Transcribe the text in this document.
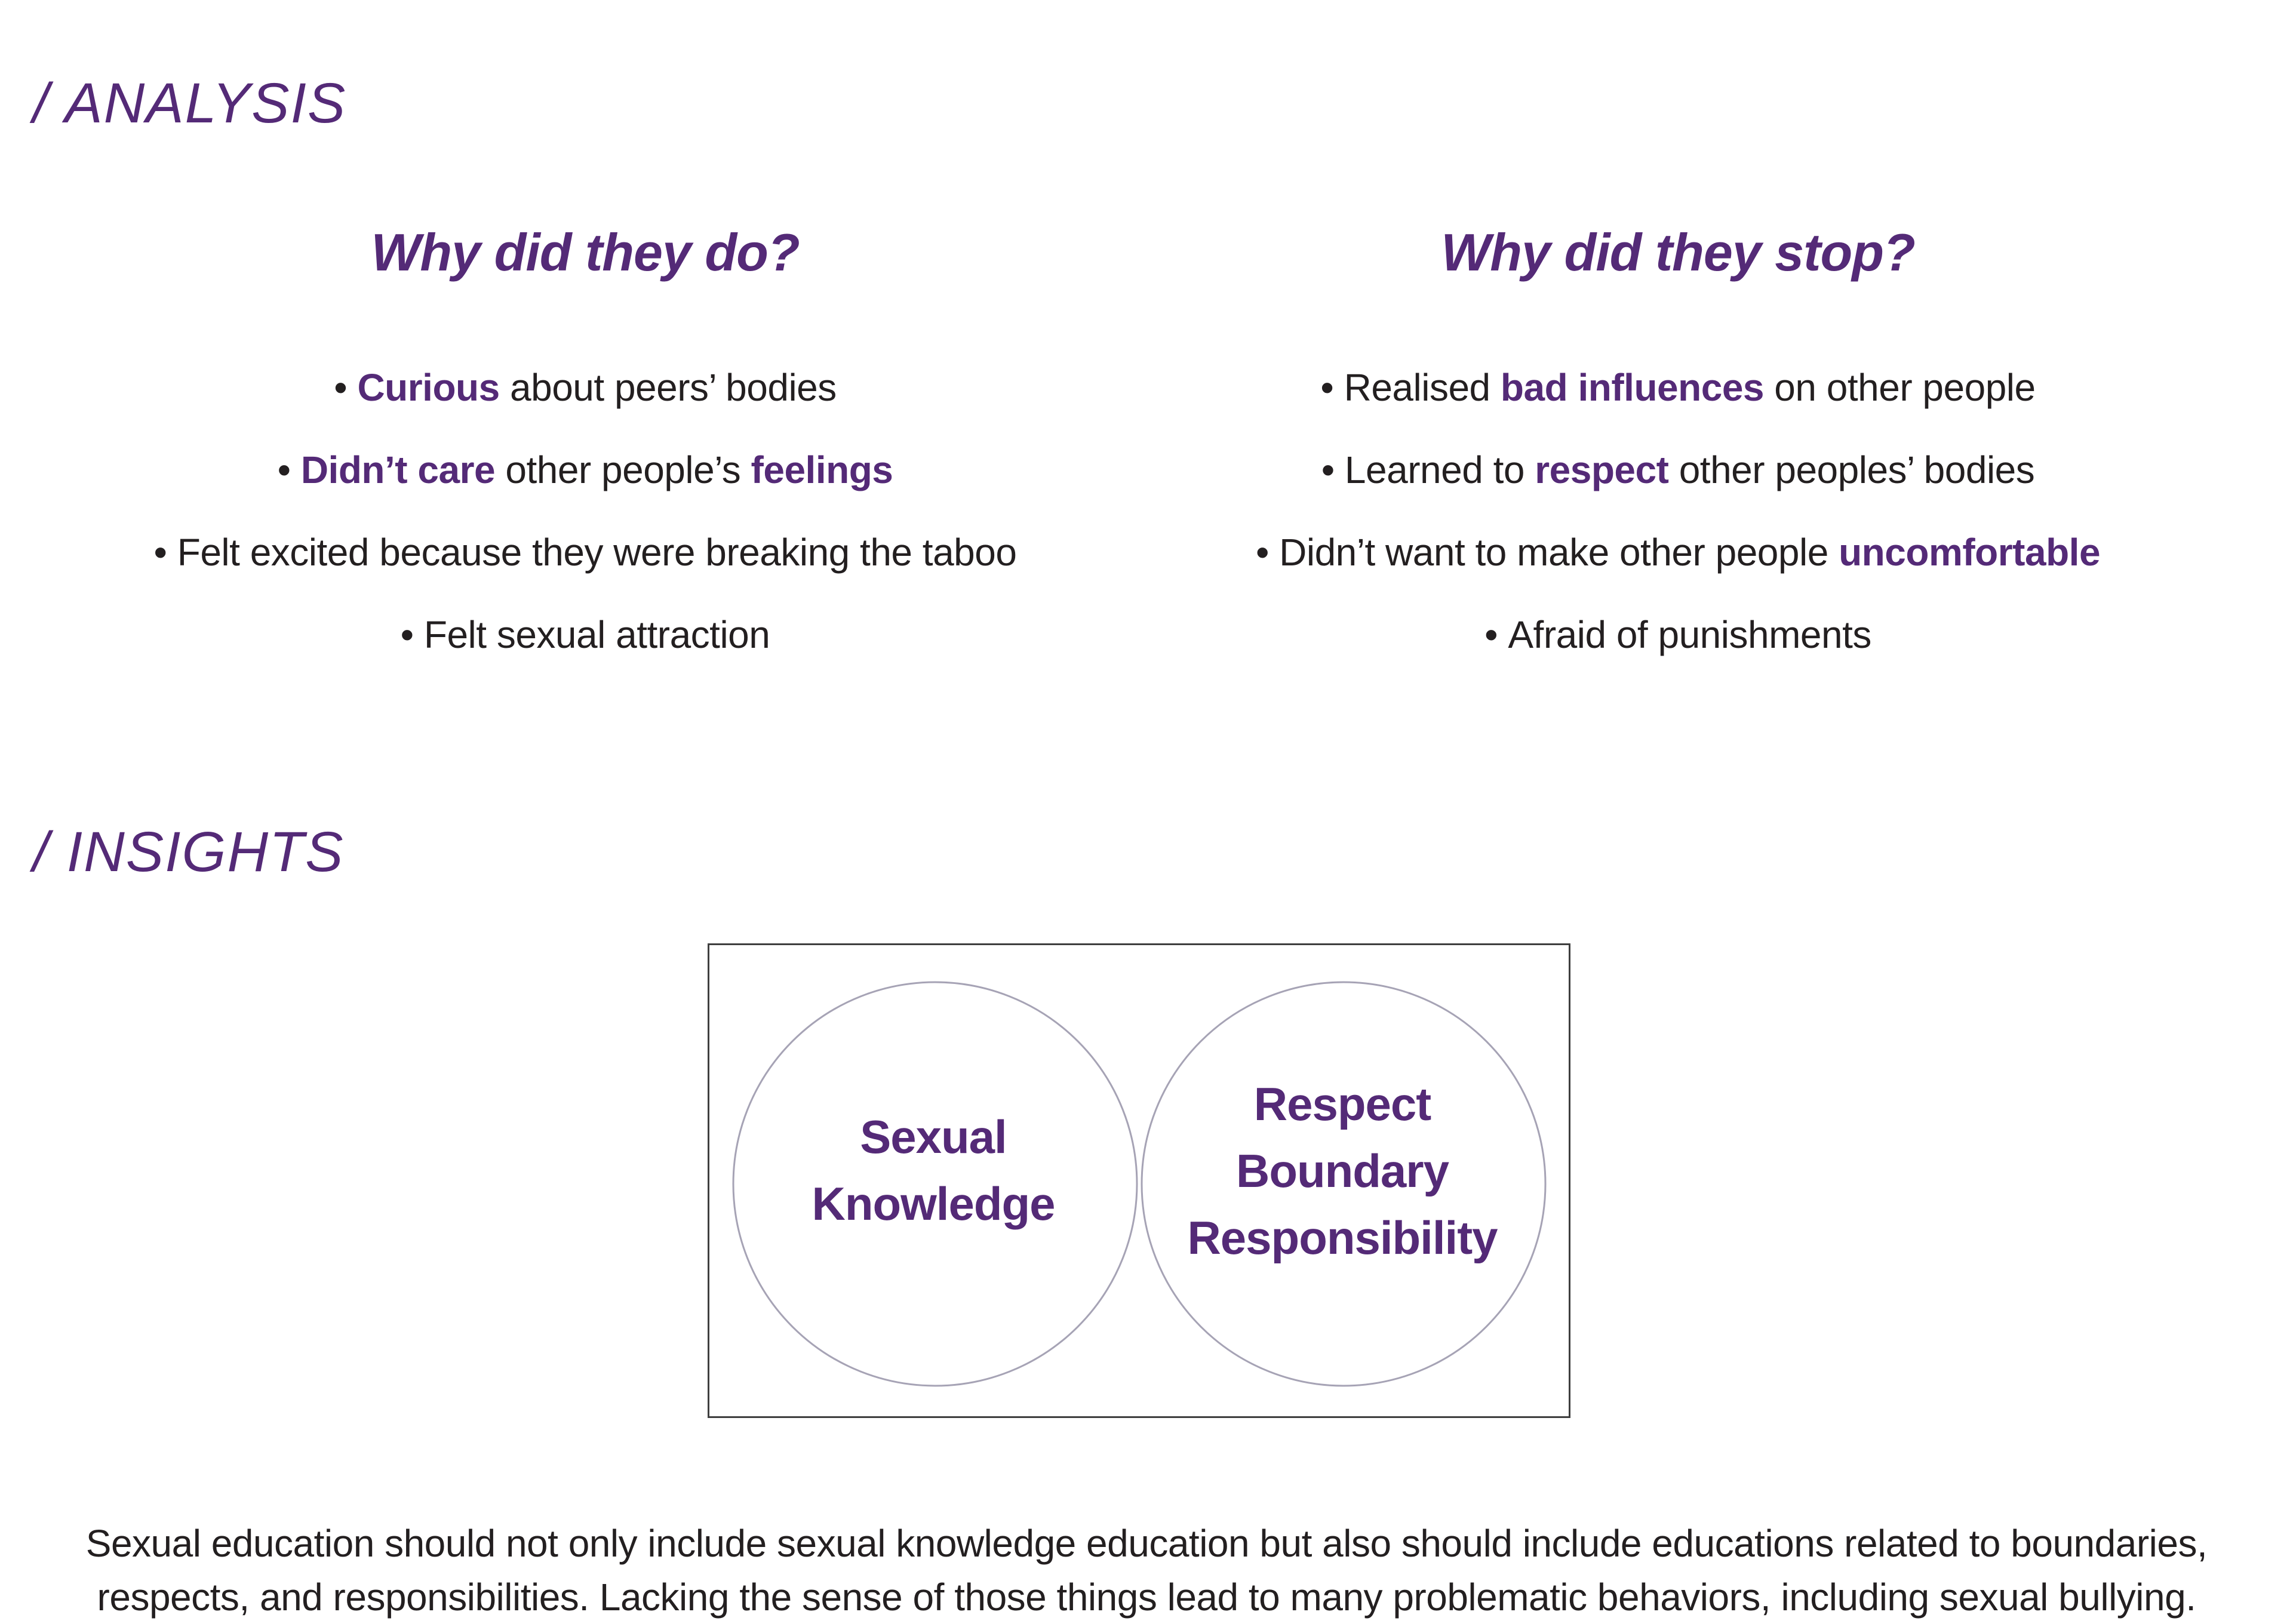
/ ANALYSIS
Why did they do?
• Curious about peers’ bodies
• Didn’t care other people’s feelings
• Felt excited because they were breaking the taboo
• Felt sexual attraction
Why did they stop?
• Realised bad influences on other people
• Learned to respect other peoples’ bodies
• Didn’t want to make other people uncomfortable
• Afraid of punishments
/ INSIGHTS
Sexual
Knowledge
Respect
Boundary
Responsibility

Sexual education should not only include sexual knowledge education but also should include educations related to boundaries, respects, and responsibilities. Lacking the sense of those things lead to many problematic behaviors, including sexual bullying.
